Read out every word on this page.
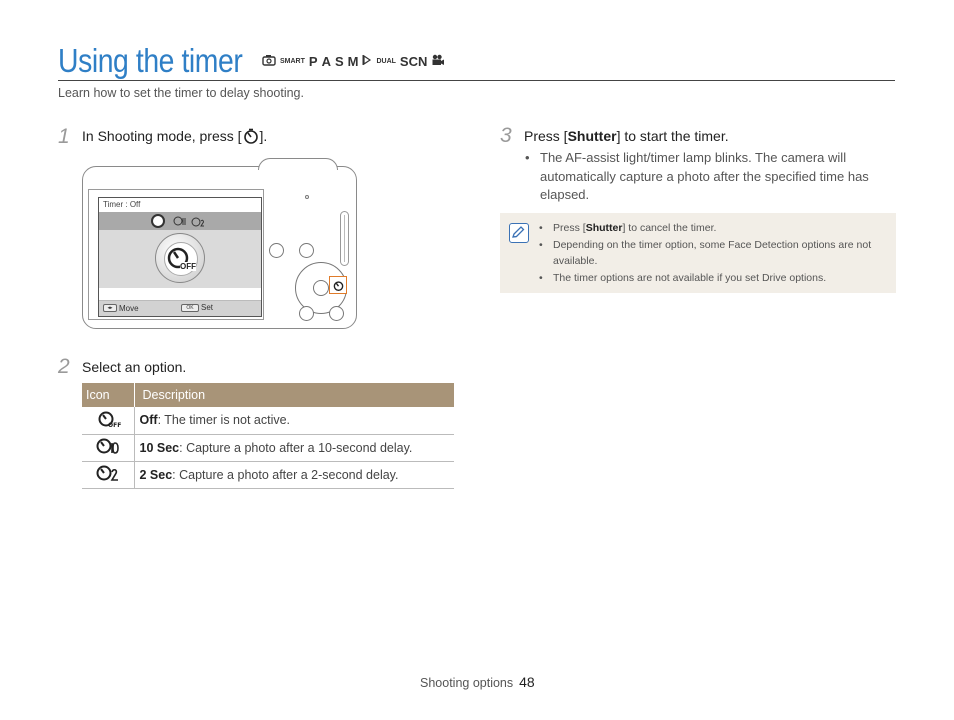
Using the timer	SMART P A S M	DUAL SCN
Learn how to set the timer to delay shooting.
1 In Shooting mode, press [ ].
Timer : Off
OFF
◂▸ Move	OK Set
2 Select an option.
Icon	Description

OFF	Off: The timer is not active.
	10 Sec: Capture a photo after a 10-second delay.
	2 Sec: Capture a photo after a 2-second delay.
3 Press [Shutter] to start the timer.
• The AF-assist light/timer lamp blinks. The camera will automatically capture a photo after the specified time has elapsed.
• Press [Shutter] to cancel the timer.
• Depending on the timer option, some Face Detection options are not available.
• The timer options are not available if you set Drive options.
Shooting options 48
